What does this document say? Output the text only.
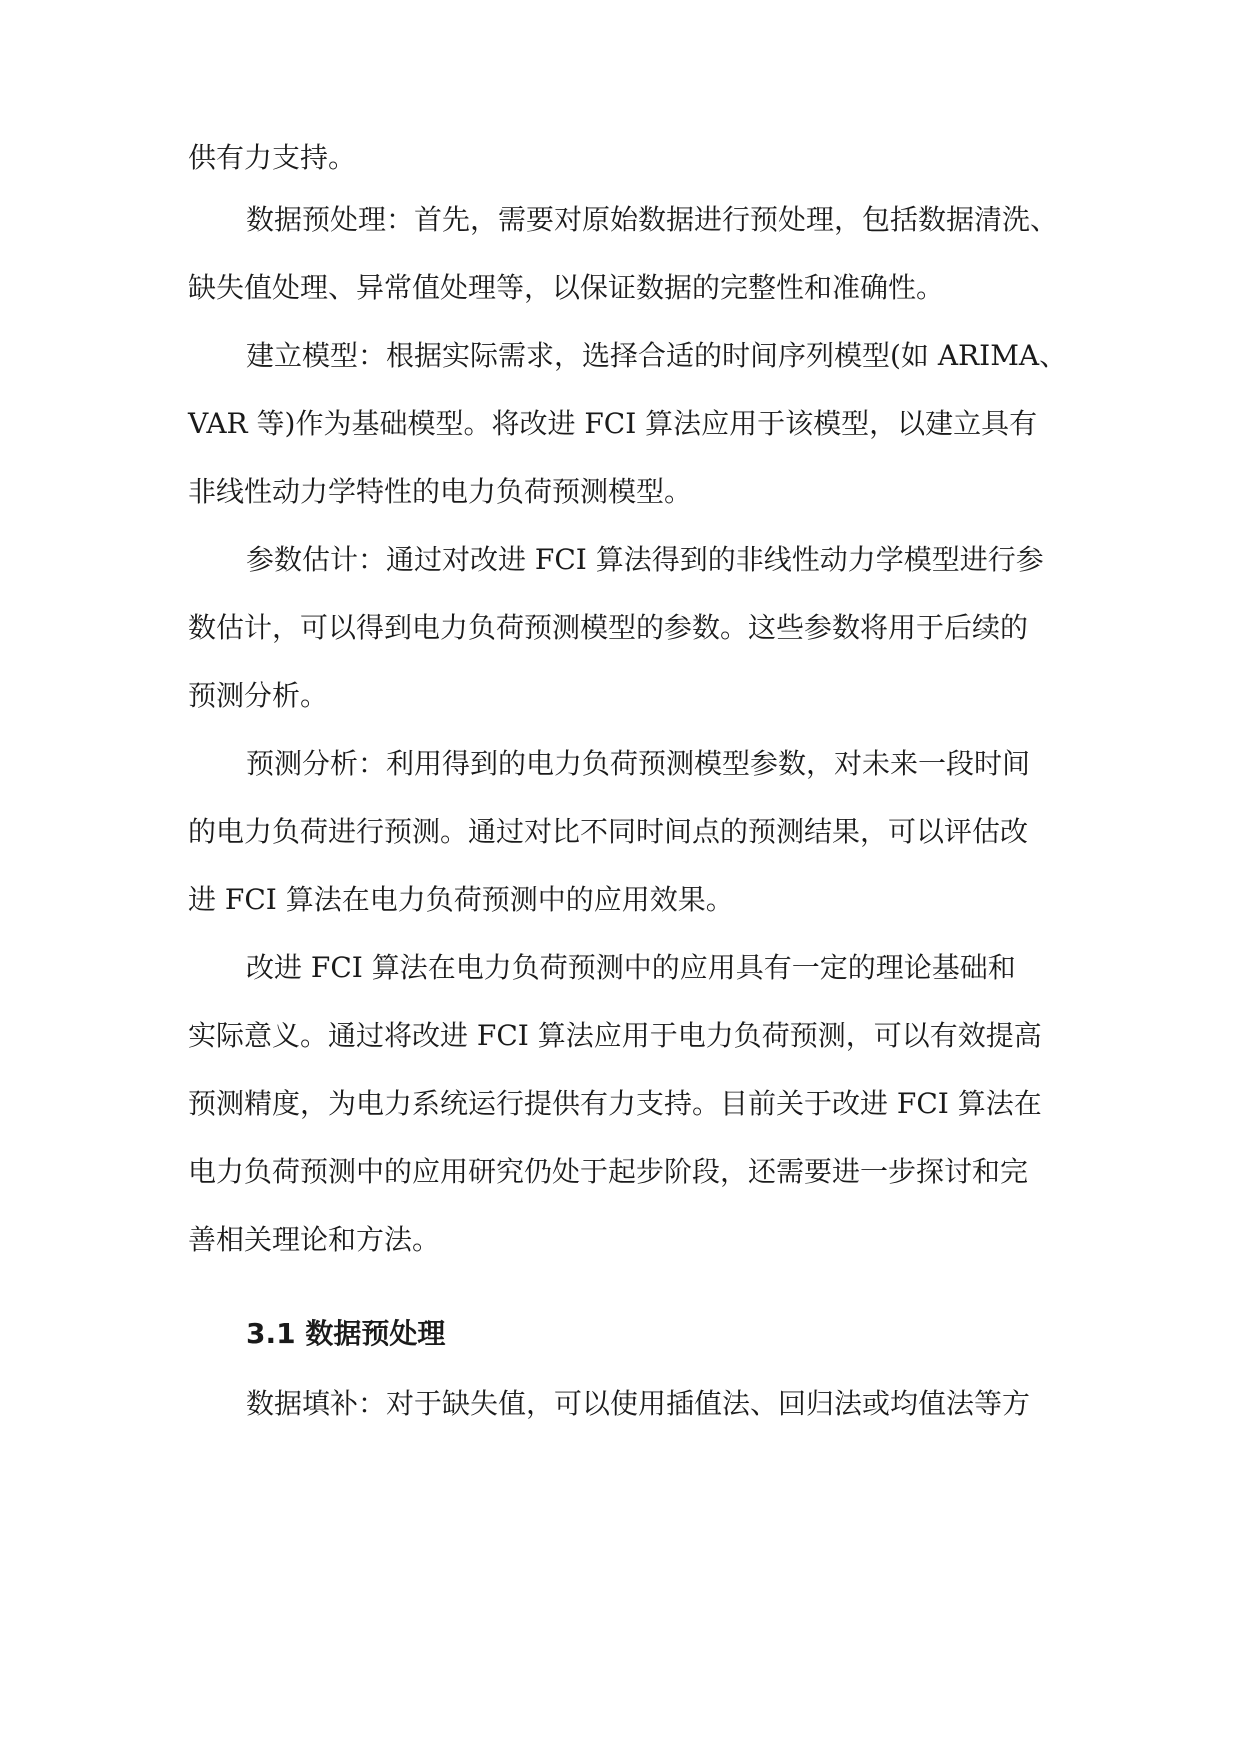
供有力支持。
数据预处理：首先，需要对原始数据进行预处理，包括数据清洗、
缺失值处理、异常值处理等，以保证数据的完整性和准确性。
建立模型：根据实际需求，选择合适的时间序列模型(如 ARIMA、
VAR 等)作为基础模型。将改进 FCI 算法应用于该模型，以建立具有
非线性动力学特性的电力负荷预测模型。
参数估计：通过对改进 FCI 算法得到的非线性动力学模型进行参
数估计，可以得到电力负荷预测模型的参数。这些参数将用于后续的
预测分析。
预测分析：利用得到的电力负荷预测模型参数，对未来一段时间
的电力负荷进行预测。通过对比不同时间点的预测结果，可以评估改
进 FCI 算法在电力负荷预测中的应用效果。
改进 FCI 算法在电力负荷预测中的应用具有一定的理论基础和
实际意义。通过将改进 FCI 算法应用于电力负荷预测，可以有效提高
预测精度，为电力系统运行提供有力支持。目前关于改进 FCI 算法在
电力负荷预测中的应用研究仍处于起步阶段，还需要进一步探讨和完
善相关理论和方法。
3.1 数据预处理
数据填补：对于缺失值，可以使用插值法、回归法或均值法等方
